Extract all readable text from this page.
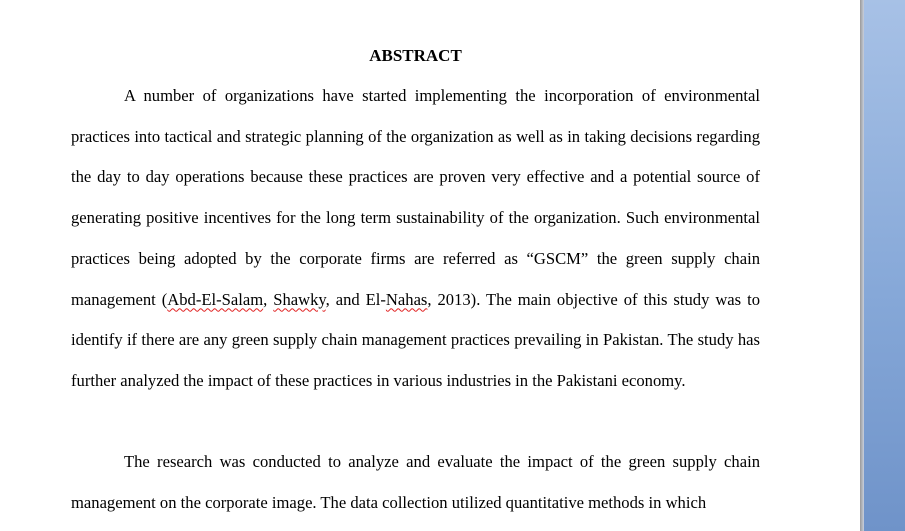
ABSTRACT

A number of organizations have started implementing the incorporation of environmental practices into tactical and strategic planning of the organization as well as in taking decisions regarding the day to day operations because these practices are proven very effective and a potential source of generating positive incentives for the long term sustainability of the organization. Such environmental practices being adopted by the corporate firms are referred as “GSCM” the green supply chain management (Abd-El-Salam, Shawky, and El-Nahas, 2013). The main objective of this study was to identify if there are any green supply chain management practices prevailing in Pakistan. The study has further analyzed the impact of these practices in various industries in the Pakistani economy.

The research was conducted to analyze and evaluate the impact of the green supply chain management on the corporate image. The data collection utilized quantitative methods in which
